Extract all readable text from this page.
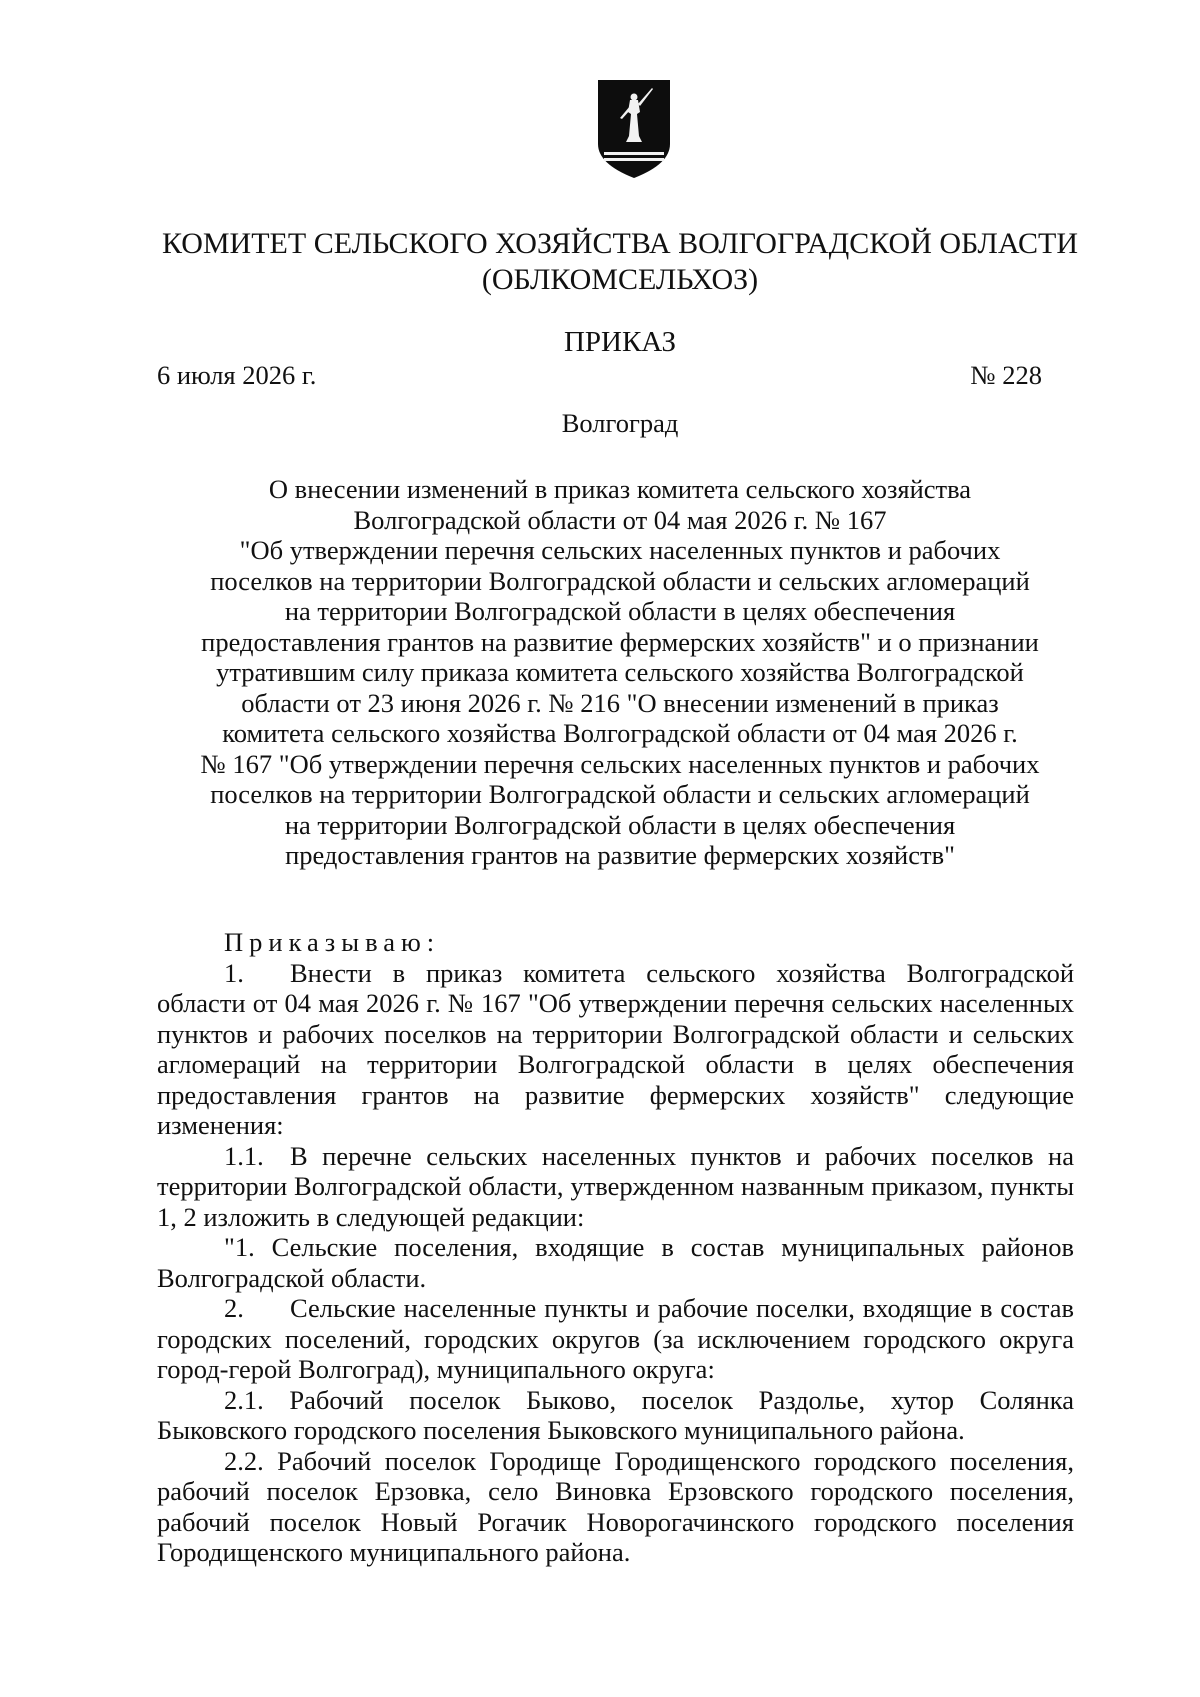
КОМИТЕТ СЕЛЬСКОГО ХОЗЯЙСТВА ВОЛГОГРАДСКОЙ ОБЛАСТИ
(ОБЛКОМСЕЛЬХОЗ)
ПРИКАЗ
6 июля 2026 г.	№ 228
Волгоград
О внесении изменений в приказ комитета сельского хозяйства
Волгоградской области от 04 мая 2026 г. № 167
"Об утверждении перечня сельских населенных пунктов и рабочих
поселков на территории Волгоградской области и сельских агломераций
на территории Волгоградской области в целях обеспечения
предоставления грантов на развитие фермерских хозяйств" и о признании
утратившим силу приказа комитета сельского хозяйства Волгоградской
области от 23 июня 2026 г. № 216 "О внесении изменений в приказ
комитета сельского хозяйства Волгоградской области от 04 мая 2026 г.
№ 167 "Об утверждении перечня сельских населенных пунктов и рабочих
поселков на территории Волгоградской области и сельских агломераций
на территории Волгоградской области в целях обеспечения
предоставления грантов на развитие фермерских хозяйств"

Приказываю:

1. Внести в приказ комитета сельского хозяйства Волгоградской области от 04 мая 2026 г. № 167 "Об утверждении перечня сельских населенных пунктов и рабочих поселков на территории Волгоградской области и сельских агломераций на территории Волгоградской области в целях обеспечения предоставления грантов на развитие фермерских хозяйств" следующие изменения:

1.1. В перечне сельских населенных пунктов и рабочих поселков на территории Волгоградской области, утвержденном названным приказом, пункты 1, 2 изложить в следующей редакции:

"1. Сельские поселения, входящие в состав муниципальных районов Волгоградской области.

2. Сельские населенные пункты и рабочие поселки, входящие в состав городских поселений, городских округов (за исключением городского округа город-герой Волгоград), муниципального округа:

2.1. Рабочий поселок Быково, поселок Раздолье, хутор Солянка Быковского городского поселения Быковского муниципального района.

2.2. Рабочий поселок Городище Городищенского городского поселения, рабочий поселок Ерзовка, село Виновка Ерзовского городского поселения, рабочий поселок Новый Рогачик Новорогачинского городского поселения Городищенского муниципального района.
